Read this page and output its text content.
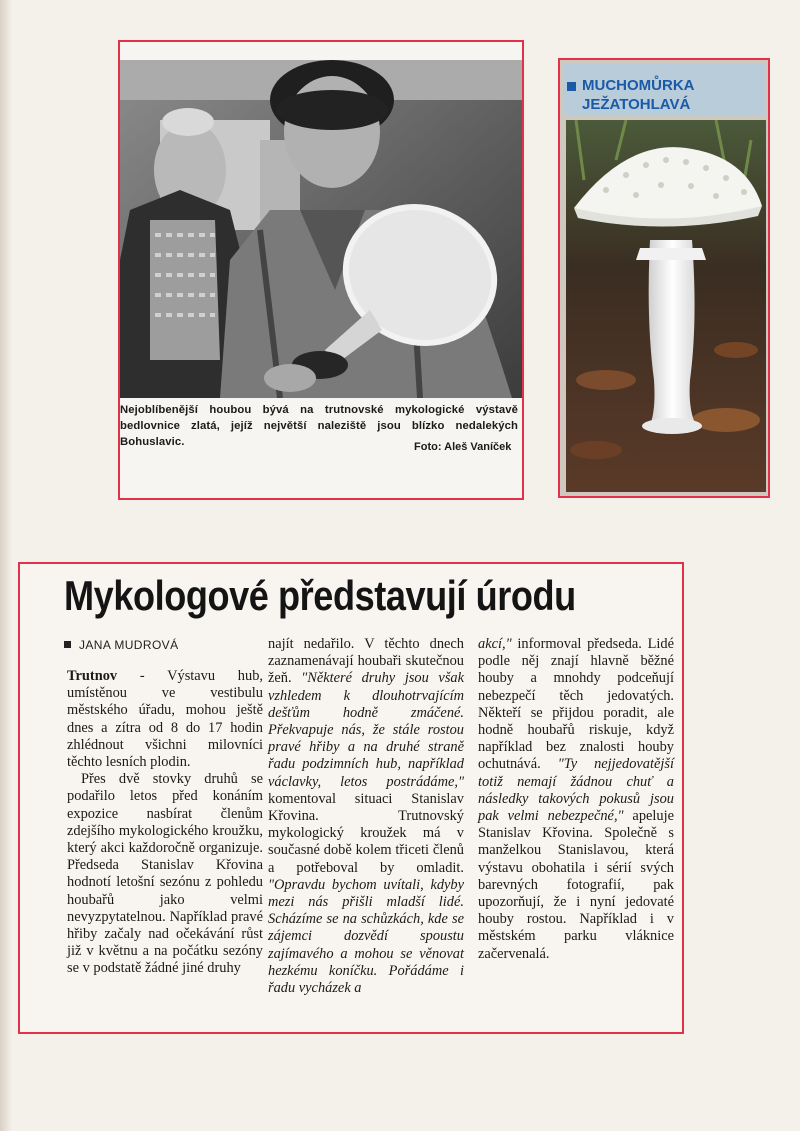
Nejoblíbenější houbou bývá na trutnovské mykologické výstavě bedlovnice zlatá, jejíž největší naleziště jsou blízko nedalekých Bohuslavic.	Foto: Aleš Vaníček
MUCHOMŮRKA
JEŽATOHLAVÁ
Mykologové představují úrodu
JANA MUDROVÁ

Trutnov - Výstavu hub, umístěnou ve vestibulu městského úřadu, mohou ještě dnes a zítra od 8 do 17 hodin zhlédnout všichni milovníci těchto lesních plodin.

Přes dvě stovky druhů se podařilo letos před konáním expozice nasbírat členům zdejšího mykologického kroužku, který akci každoročně organizuje. Předseda Stanislav Křovina hodnotí letošní sezónu z pohledu houbařů jako velmi nevyzpytatelnou. Například pravé hřiby začaly nad očekávání růst již v květnu a na počátku sezóny se v podstatě žádné jiné druhy

najít nedařilo. V těchto dnech zaznamenávají houbaři skutečnou žeň. "Některé druhy jsou však vzhledem k dlouhotrvajícím dešťům hodně zmáčené. Překvapuje nás, že stále rostou pravé hřiby a na druhé straně řadu podzimních hub, například václavky, letos postrádáme," komentoval situaci Stanislav Křovina. Trutnovský mykologický kroužek má v současné době kolem třiceti členů a potřeboval by omladit. "Opravdu bychom uvítali, kdyby mezi nás přišli mladší lidé. Scházíme se na schůzkách, kde se zájemci dozvědí spoustu zajímavého a mohou se věnovat hezkému koníčku. Pořádáme i řadu vycházek a

akcí," informoval předseda. Lidé podle něj znají hlavně běžné houby a mnohdy podceňují nebezpečí těch jedovatých. Někteří se přijdou poradit, ale hodně houbařů riskuje, když například bez znalosti houby ochutnává. "Ty nejjedovatější totiž nemají žádnou chuť a následky takových pokusů jsou pak velmi nebezpečné," apeluje Stanislav Křovina. Společně s manželkou Stanislavou, která výstavu obohatila i sérií svých barevných fotografií, pak upozorňují, že i nyní jedovaté houby rostou. Například i v městském parku vláknice začervenalá.
